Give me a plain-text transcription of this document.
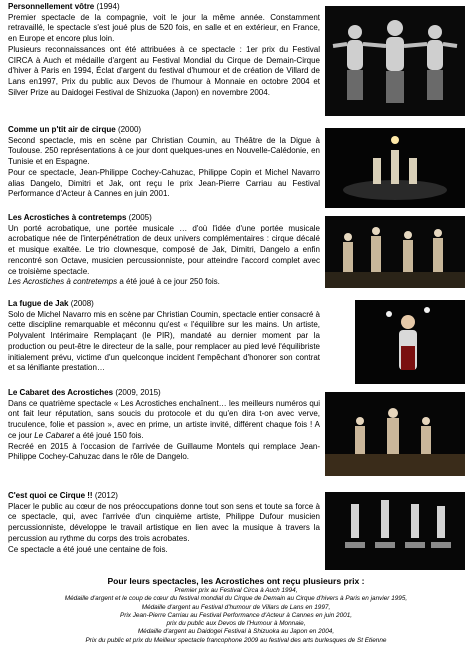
Personnellement vôtre (1994)

Premier spectacle de la compagnie, voit le jour la même année. Constamment retravaillé, le spectacle s'est joué plus de 520 fois, en salle et en extérieur, en France, en Europe et encore plus loin.

Plusieurs reconnaissances ont été attribuées à ce spectacle : 1er prix du Festival CIRCA à Auch et médaille d'argent au Festival Mondial du Cirque de Demain-Cirque d'hiver à Paris en 1994, Éclat d'argent du festival d'humour et de création de Villard de Lans en1997, Prix du public aux Devos de l'humour à Monnaie en octobre 2004 et Silver Prize au Daidogei Festival de Shizuoka (Japon) en novembre 2004.

Comme un p'tit air de cirque (2000)

Second spectacle, mis en scène par Christian Coumin, au Théâtre de la Digue à Toulouse. 250 représentations à ce jour dont quelques-unes en Nouvelle-Calédonie, en Tunisie et en Espagne.

Pour ce spectacle, Jean-Philippe Cochey-Cahuzac, Philippe Copin et Michel Navarro alias Dangelo, Dimitri et Jak, ont reçu le prix Jean-Pierre Carriau au Festival Performance d'Acteur à Cannes en juin 2001.

Les Acrostiches à contretemps (2005)

Un porté acrobatique, une portée musicale … d'où l'idée d'une portée musicale acrobatique née de l'interpénétration de deux univers complémentaires : cirque décalé et musique exaltée. Le trio clownesque, composé de Jak, Dimitri, Dangelo a enfin rencontré son Octave, musicien percussionniste, pour atteindre l'accord complet avec ce troisième spectacle.

Les Acrostiches à contretemps a été joué à ce jour 250 fois.

La fugue de Jak (2008)

Solo de Michel Navarro mis en scène par Christian Coumin, spectacle entier consacré à cette discipline remarquable et méconnu qu'est « l'équilibre sur les mains. Un artiste, Polyvalent Intérimaire Remplaçant (le PIR), mandaté au dernier moment par la production ou peut-être le directeur de la salle, pour remplacer au pied levé l'équilibriste initialement prévu, victime d'un quelconque incident l'empêchant d'honorer son contrat et sa lénifiante prestation…

Le Cabaret des Acrostiches (2009, 2015)

Dans ce quatrième spectacle « Les Acrostiches enchaînent… les meilleurs numéros qui ont fait leur réputation, sans soucis du protocole et du qu'en dira t-on avec verve, truculence, folie et passion », avec en prime, un artiste invité, différent chaque fois ! A ce jour Le Cabaret a été joué 150 fois.

Recréé en 2015 à l'occasion de l'arrivée de Guillaume Montels qui remplace Jean-Philippe Cochey-Cahuzac dans le rôle de Dangelo.

C'est quoi ce Cirque !! (2012)

Placer le public au cœur de nos préoccupations donne tout son sens et toute sa force à ce spectacle, qui, avec l'arrivée d'un cinquième artiste, Philippe Dufour musicien percussionniste, développe le travail artistique en lien avec la musique à travers la percussion au rythme du corps des trois acrobates.

Ce spectacle a été joué une centaine de fois.

Pour leurs spectacles, les Acrostiches ont reçu plusieurs prix :
Premier prix au Festival Circa à Auch 1994,
Médaille d'argent et le coup de cœur du festival mondial du Cirque de Demain au Cirque d'hivers à Paris en janvier 1995,
Médaille d'argent au Festival d'humour de Villars de Lans en 1997,
Prix Jean-Pierre Carriau au Festival Performance d'Acteur à Cannes en juin 2001,
prix du public aux Devos de l'Humour à Monnaie,
Médaille d'argent au Daidogei Festival à Shizuoka au Japon en 2004,
Prix du public et prix du Meilleur spectacle francophone 2009 au festival des arts burlesques de St Etienne
